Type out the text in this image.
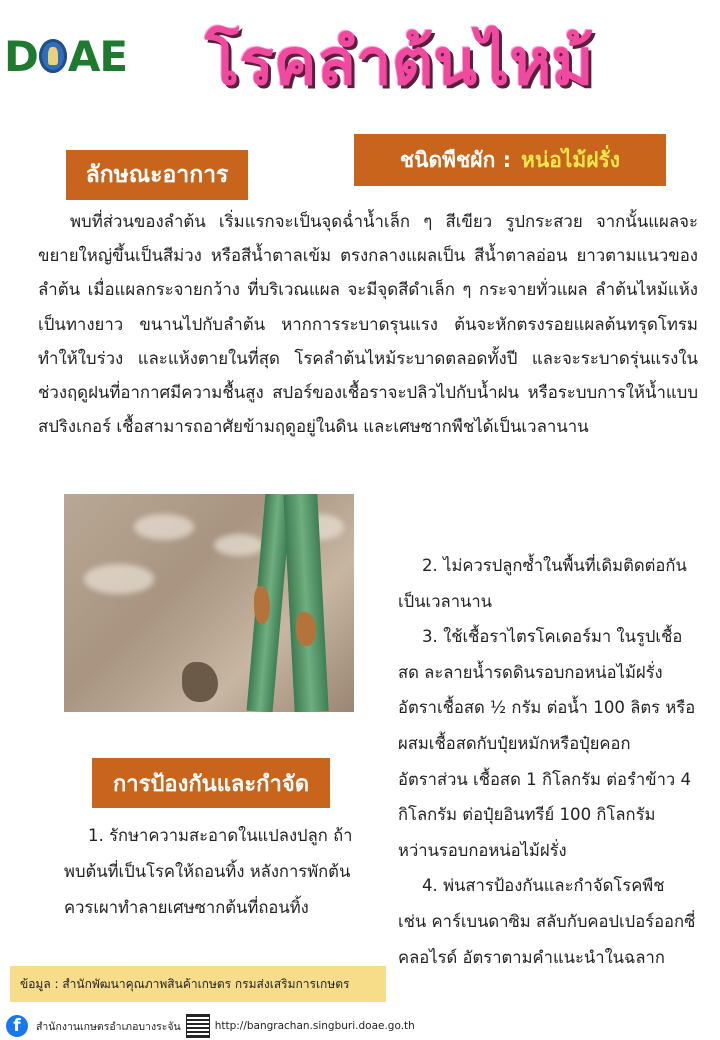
D AE โรคลำต้นไหม้
ชนิดพืชผัก : หน่อไม้ฝรั่ง
ลักษณะอาการ
พบที่ส่วนของลำต้น เริ่มแรกจะเป็นจุดฉ่ำน้ำเล็ก ๆ สีเขียว รูปกระสวย จากนั้นแผลจะขยายใหญ่ขึ้นเป็นสีม่วง หรือสีน้ำตาลเข้ม ตรงกลางแผลเป็น สีน้ำตาลอ่อน ยาวตามแนวของลำต้น เมื่อแผลกระจายกว้าง ที่บริเวณแผล จะมีจุดสีดำเล็ก ๆ กระจายทั่วแผล ลำต้นไหม้แห้งเป็นทางยาว ขนานไปกับลำต้น หากการระบาดรุนแรง ต้นจะหักตรงรอยแผลต้นทรุดโทรม ทำให้ใบร่วง และแห้งตายในที่สุด โรคลำต้นไหม้ระบาดตลอดทั้งปี และจะระบาดรุ่นแรงในช่วงฤดูฝนที่อากาศมีความชื้นสูง สปอร์ของเชื้อราจะปลิวไปกับน้ำฝน หรือระบบการให้น้ำแบบสปริงเกอร์ เชื้อสามารถอาศัยข้ามฤดูอยู่ในดิน และเศษซากพืชได้เป็นเวลานาน
การป้องกันและกำจัด
1. รักษาความสะอาดในแปลงปลูก ถ้าพบต้นที่เป็นโรคให้ถอนทิ้ง หลังการพักต้นควรเผาทำลายเศษซากต้นที่ถอนทิ้ง
2. ไม่ควรปลูกซ้ำในพื้นที่เดิมติดต่อกันเป็นเวลานาน
3. ใช้เชื้อราไตรโคเดอร์มา ในรูปเชื้อสด ละลายน้ำรดดินรอบกอหน่อไม้ฝรั่ง อัตราเชื้อสด ½ กรัม ต่อน้ำ 100 ลิตร หรือผสมเชื้อสดกับปุ๋ยหมักหรือปุ๋ยคอก อัตราส่วน เชื้อสด 1 กิโลกรัม ต่อรำข้าว 4 กิโลกรัม ต่อปุ๋ยอินทรีย์ 100 กิโลกรัม หว่านรอบกอหน่อไม้ฝรั่ง
4. พ่นสารป้องกันและกำจัดโรคพืช เช่น คาร์เบนดาซิม สลับกับคอปเปอร์ออกซี่คลอไรด์ อัตราตามคำแนะนำในฉลาก
ข้อมูล : สำนักพัฒนาคุณภาพสินค้าเกษตร กรมส่งเสริมการเกษตร
f	สำนักงานเกษตรอำเภอบางระจัน	http://bangrachan.singburi.doae.go.th
